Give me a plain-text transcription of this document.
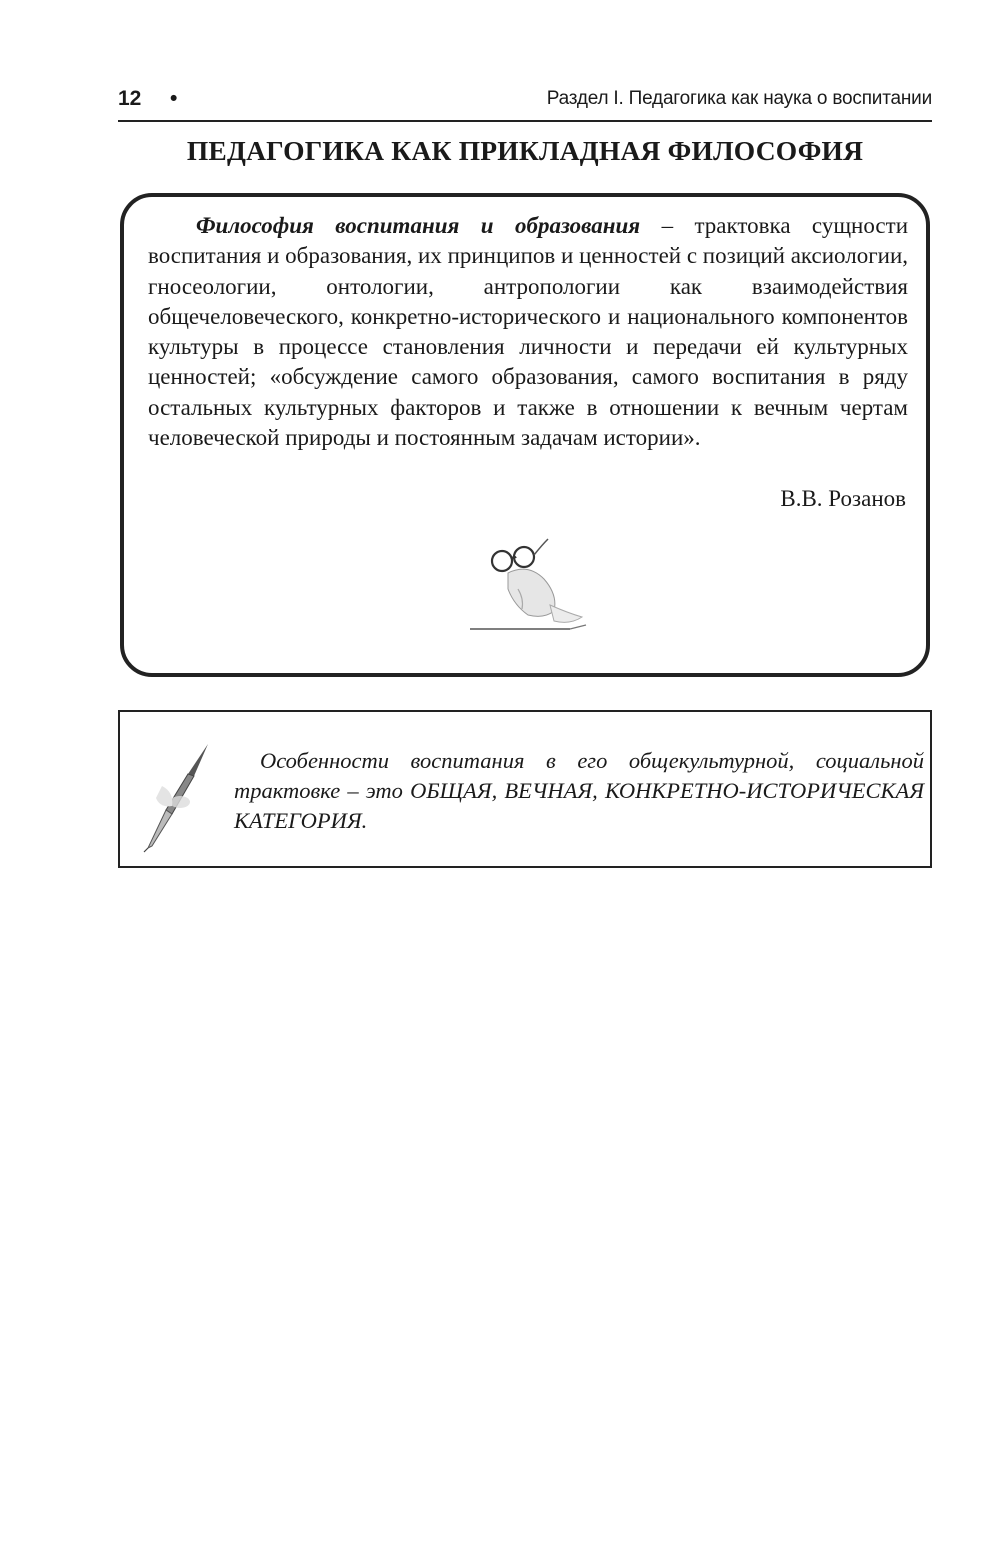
12 •	Раздел I. Педагогика как наука о воспитании
ПЕДАГОГИКА КАК ПРИКЛАДНАЯ ФИЛОСОФИЯ

Философия воспитания и образования – трактовка сущности воспитания и образования, их принципов и ценностей с позиций аксиологии, гносеологии, онтологии, антропологии как взаимодействия общечеловеческого, конкретно-исторического и национального компонентов культуры в процессе становления личности и передачи ей культурных ценностей; «обсуждение самого образования, самого воспитания в ряду остальных культурных факторов и также в отношении к вечным чертам человеческой природы и постоянным задачам истории».

В.В. Розанов

Особенности воспитания в его общекультурной, социальной трактовке – это ОБЩАЯ, ВЕЧНАЯ, КОНКРЕТНО-ИСТОРИЧЕСКАЯ КАТЕГОРИЯ.
